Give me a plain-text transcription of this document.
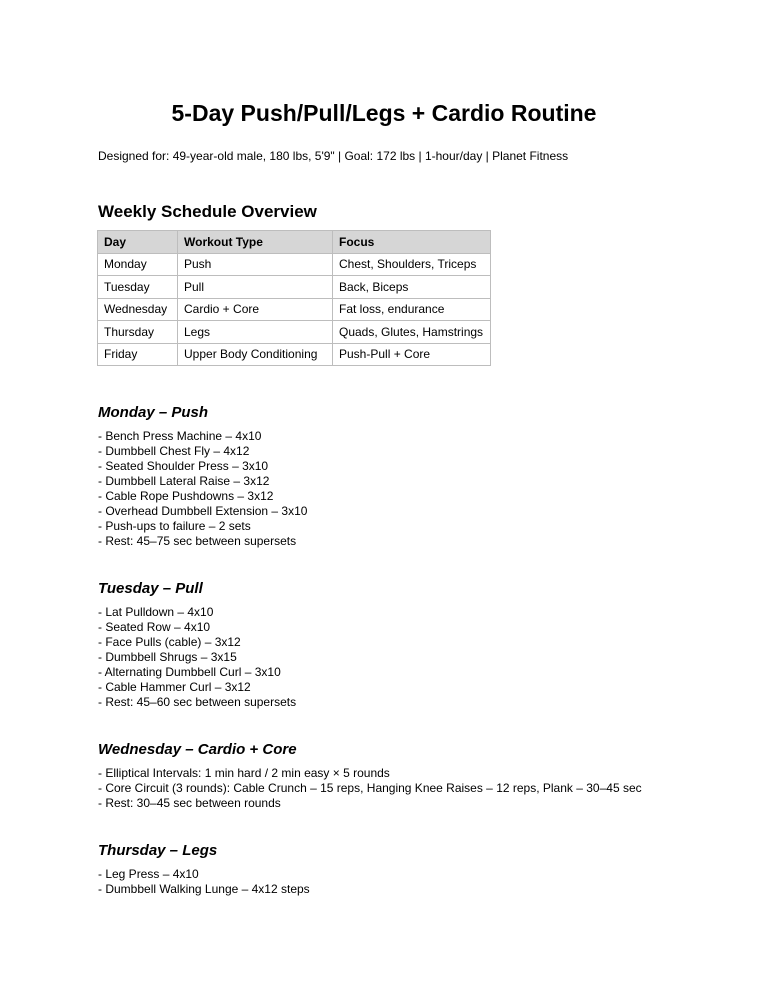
5-Day Push/Pull/Legs + Cardio Routine

Designed for: 49-year-old male, 180 lbs, 5'9" | Goal: 172 lbs | 1-hour/day | Planet Fitness

Weekly Schedule Overview
Day	Workout Type	Focus
Monday	Push	Chest, Shoulders, Triceps
Tuesday	Pull	Back, Biceps
Wednesday	Cardio + Core	Fat loss, endurance
Thursday	Legs	Quads, Glutes, Hamstrings
Friday	Upper Body Conditioning	Push-Pull + Core
Monday – Push
- Bench Press Machine – 4x10
- Dumbbell Chest Fly – 4x12
- Seated Shoulder Press – 3x10
- Dumbbell Lateral Raise – 3x12
- Cable Rope Pushdowns – 3x12
- Overhead Dumbbell Extension – 3x10
- Push-ups to failure – 2 sets
- Rest: 45–75 sec between supersets
Tuesday – Pull
- Lat Pulldown – 4x10
- Seated Row – 4x10
- Face Pulls (cable) – 3x12
- Dumbbell Shrugs – 3x15
- Alternating Dumbbell Curl – 3x10
- Cable Hammer Curl – 3x12
- Rest: 45–60 sec between supersets
Wednesday – Cardio + Core
- Elliptical Intervals: 1 min hard / 2 min easy × 5 rounds
- Core Circuit (3 rounds): Cable Crunch – 15 reps, Hanging Knee Raises – 12 reps, Plank – 30–45 sec
- Rest: 30–45 sec between rounds
Thursday – Legs
- Leg Press – 4x10
- Dumbbell Walking Lunge – 4x12 steps
